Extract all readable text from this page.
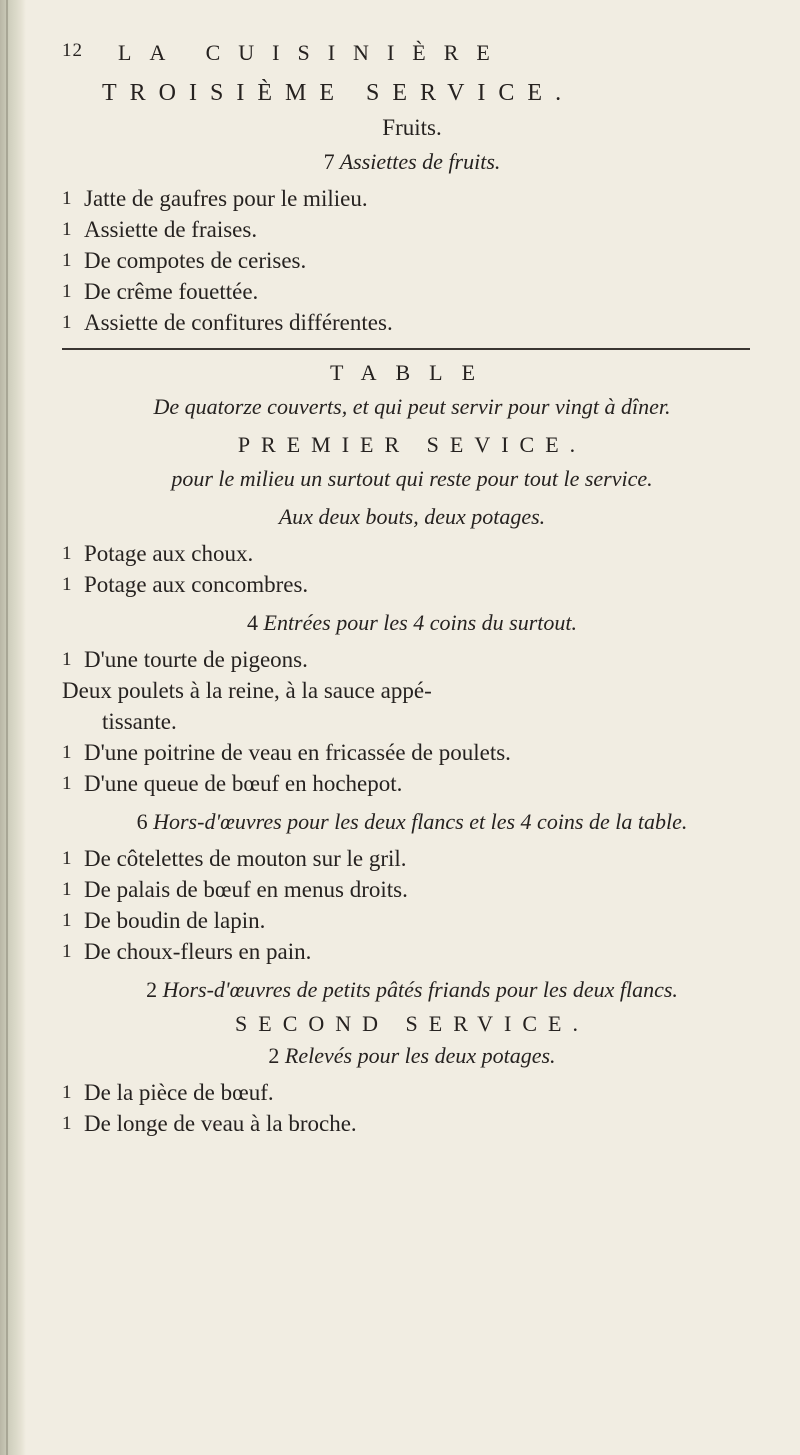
12 LA CUISINIÈRE
TROISIÈME SERVICE.
Fruits.
7 Assiettes de fruits.
1 Jatte de gaufres pour le milieu.
1 Assiette de fraises.
1 De compotes de cerises.
1 De crême fouettée.
1 Assiette de confitures différentes.
TABLE
De quatorze couverts, et qui peut servir pour vingt à dîner.
PREMIER SEVICE.
pour le milieu un surtout qui reste pour tout le service.
Aux deux bouts, deux potages.
1 Potage aux choux.
1 Potage aux concombres.
4 Entrées pour les 4 coins du surtout.
1 D'une tourte de pigeons.
Deux poulets à la reine, à la sauce appé-
tissante.
1 D'une poitrine de veau en fricassée de poulets.
1 D'une queue de bœuf en hochepot.
6 Hors-d'œuvres pour les deux flancs et les 4 coins de la table.
1 De côtelettes de mouton sur le gril.
1 De palais de bœuf en menus droits.
1 De boudin de lapin.
1 De choux-fleurs en pain.
2 Hors-d'œuvres de petits pâtés friands pour les deux flancs.
SECOND SERVICE.
2 Relevés pour les deux potages.
1 De la pièce de bœuf.
1 De longe de veau à la broche.
